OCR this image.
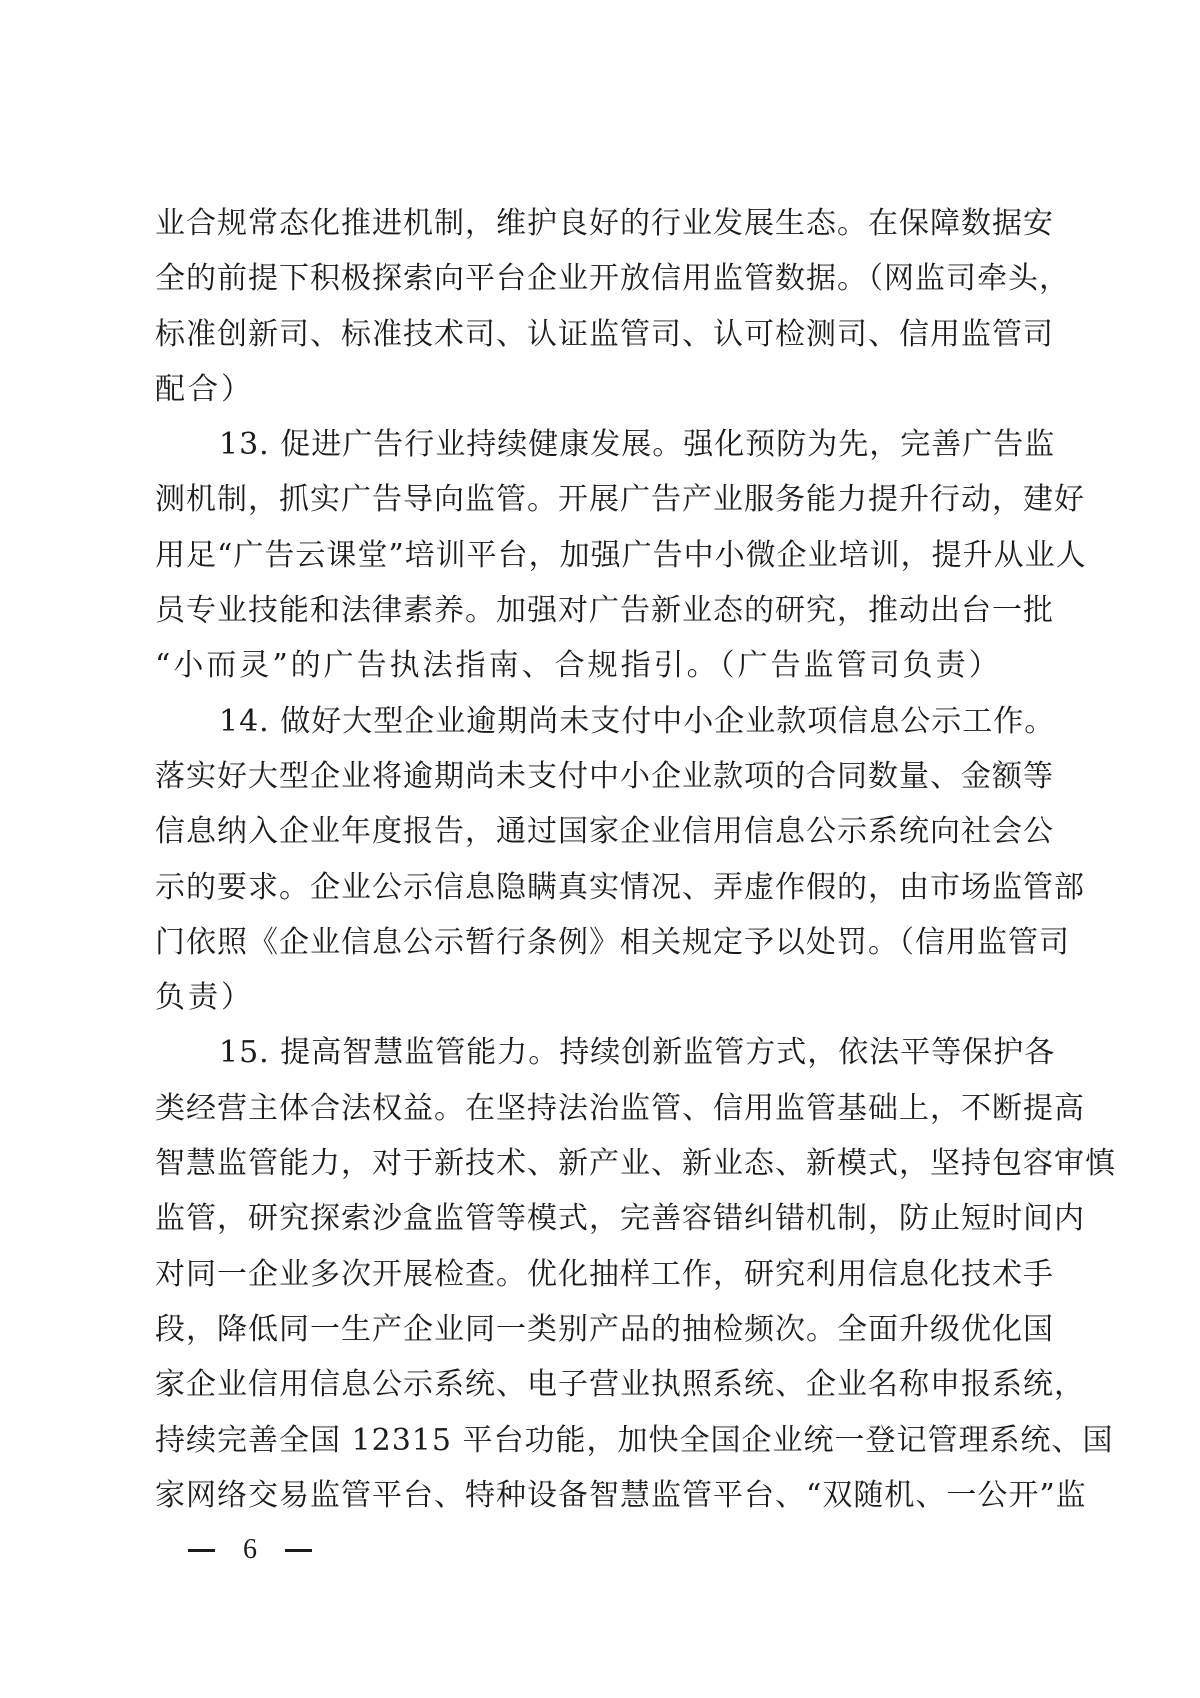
业合规常态化推进机制，维护良好的行业发展生态。在保障数据安
全的前提下积极探索向平台企业开放信用监管数据。（网监司牵头，
标准创新司、标准技术司、认证监管司、认可检测司、信用监管司
配合）
13. 促进广告行业持续健康发展。强化预防为先，完善广告监
测机制，抓实广告导向监管。开展广告产业服务能力提升行动，建好
用足“广告云课堂”培训平台，加强广告中小微企业培训，提升从业人
员专业技能和法律素养。加强对广告新业态的研究，推动出台一批
“小而灵”的广告执法指南、合规指引。（广告监管司负责）
14. 做好大型企业逾期尚未支付中小企业款项信息公示工作。
落实好大型企业将逾期尚未支付中小企业款项的合同数量、金额等
信息纳入企业年度报告，通过国家企业信用信息公示系统向社会公
示的要求。企业公示信息隐瞒真实情况、弄虚作假的，由市场监管部
门依照《企业信息公示暂行条例》相关规定予以处罚。（信用监管司
负责）
15. 提高智慧监管能力。持续创新监管方式，依法平等保护各
类经营主体合法权益。在坚持法治监管、信用监管基础上，不断提高
智慧监管能力，对于新技术、新产业、新业态、新模式，坚持包容审慎
监管，研究探索沙盒监管等模式，完善容错纠错机制，防止短时间内
对同一企业多次开展检查。优化抽样工作，研究利用信息化技术手
段，降低同一生产企业同一类别产品的抽检频次。全面升级优化国
家企业信用信息公示系统、电子营业执照系统、企业名称申报系统，
持续完善全国 12315 平台功能，加快全国企业统一登记管理系统、国
家网络交易监管平台、特种设备智慧监管平台、“双随机、一公开”监
6
